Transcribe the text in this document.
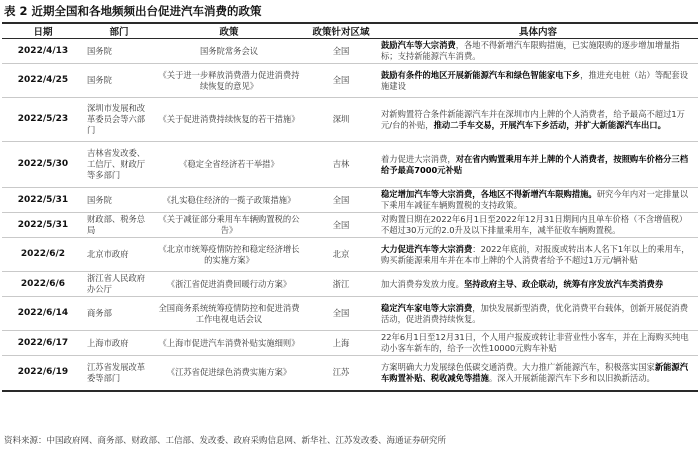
表 2 近期全国和各地频频出台促进汽车消费的政策
日期	部门	政策	政策针对区域	具体内容
2022/4/13	国务院	国务院常务会议	全国	鼓励汽车等大宗消费，各地不得新增汽车限购措施，已实施限购的逐步增加增量指标；支持新能源汽车消费。
2022/4/25	国务院	《关于进一步释放消费潜力促进消费持续恢复的意见》	全国	鼓励有条件的地区开展新能源汽车和绿色智能家电下乡，推进充电桩（站）等配套设施建设
2022/5/23	深圳市发展和改革委员会等六部门	《关于促进消费持续恢复的若干措施》	深圳	对新购置符合条件新能源汽车并在深圳市内上牌的个人消费者，给予最高不超过1万元/台的补贴，推动二手车交易，开展汽车下乡活动，并扩大新能源汽车出口。
2022/5/30	吉林省发改委、工信厅、财政厅等多部门	《稳定全省经济若干举措》	吉林	着力促进大宗消费，对在省内购置乘用车并上牌的个人消费者，按照购车价格分三档给予最高7000元补贴
2022/5/31	国务院	《扎实稳住经济的一揽子政策措施》	全国	稳定增加汽车等大宗消费，各地区不得新增汽车限购措施。研究今年内对一定排量以下乘用车减征车辆购置税的支持政策。
2022/5/31	财政部、税务总局	《关于减征部分乘用车车辆购置税的公告》	全国	对购置日期在2022年6月1日至2022年12月31日期间内且单车价格（不含增值税）不超过30万元的2.0升及以下排量乘用车，减半征收车辆购置税。
2022/6/2	北京市政府	《北京市统筹疫情防控和稳定经济增长的实施方案》	北京	大力促进汽车等大宗消费：2022年底前，对报废或转出本人名下1年以上的乘用车，购买新能源乘用车并在本市上牌的个人消费者给予不超过1万元/辆补贴
2022/6/6	浙江省人民政府办公厅	《浙江省促进消费回暖行动方案》	浙江	加大消费券发放力度。坚持政府主导、政企联动，统筹有序发放汽车类消费券
2022/6/14	商务部	全国商务系统统筹疫情防控和促进消费工作电视电话会议	全国	稳定汽车家电等大宗消费，加快发展新型消费，优化消费平台载体，创新开展促消费活动，促进消费持续恢复。
2022/6/17	上海市政府	《上海市促进汽车消费补贴实施细则》	上海	22年6月1日至12月31日，个人用户报废或转让非营业性小客车，并在上海购买纯电动小客车新车的，给予一次性10000元购车补贴
2022/6/19	江苏省发展改革委等部门	《江苏省促进绿色消费实施方案》	江苏	方案明确大力发展绿色低碳交通消费。大力推广新能源汽车，积极落实国家新能源汽车购置补贴、税收减免等措施。深入开展新能源汽车下乡和以旧换新活动。
资料来源：中国政府网、商务部、财政部、工信部、发改委、政府采购信息网、新华社、江苏发改委、海通证券研究所
